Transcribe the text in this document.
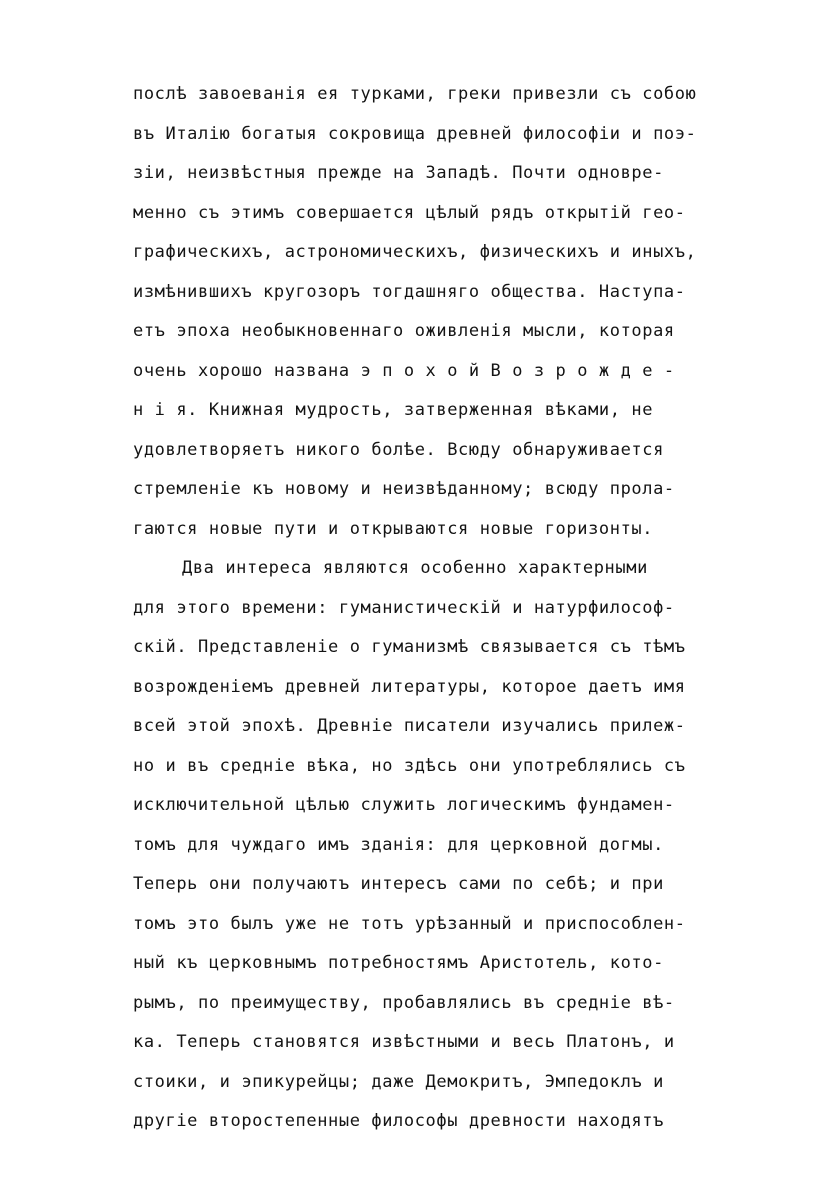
послѣ завоеванія ея турками, греки привезли съ собою
въ Италію богатыя сокровища древней философіи и поэ-
зіи, неизвѣстныя прежде на Западѣ. Почти одновре-
менно съ этимъ совершается цѣлый рядъ открытій гео-
графическихъ, астрономическихъ, физическихъ и иныхъ,
измѣнившихъ кругозоръ тогдашняго общества. Наступа-
етъ эпоха необыкновеннаго оживленія мысли, которая
очень хорошо названа э п о х о й В о з р о ж д е -
н і я. Книжная мудрость, затверженная вѣками, не
удовлетворяетъ никого болѣе. Всюду обнаруживается
стремленіе къ новому и неизвѣданному; всюду прола-
гаются новые пути и открываются новые горизонты.
Два интереса являются особенно характерными
для этого времени: гуманистическій и натурфилософ-
скій. Представленіе о гуманизмѣ связывается съ тѣмъ
возрожденіемъ древней литературы, которое даетъ имя
всей этой эпохѣ. Древніе писатели изучались прилеж-
но и въ средніе вѣка, но здѣсь они употреблялись съ
исключительной цѣлью служить логическимъ фундамен-
томъ для чуждаго имъ зданія: для церковной догмы.
Теперь они получаютъ интересъ сами по себѣ; и при
томъ это былъ уже не тотъ урѣзанный и приспособлен-
ный къ церковнымъ потребностямъ Аристотель, кото-
рымъ, по преимуществу, пробавлялись въ средніе вѣ-
ка. Теперь становятся извѣстными и весь Платонъ, и
стоики, и эпикурейцы; даже Демокритъ, Эмпедоклъ и
другіе второстепенные философы древности находятъ
